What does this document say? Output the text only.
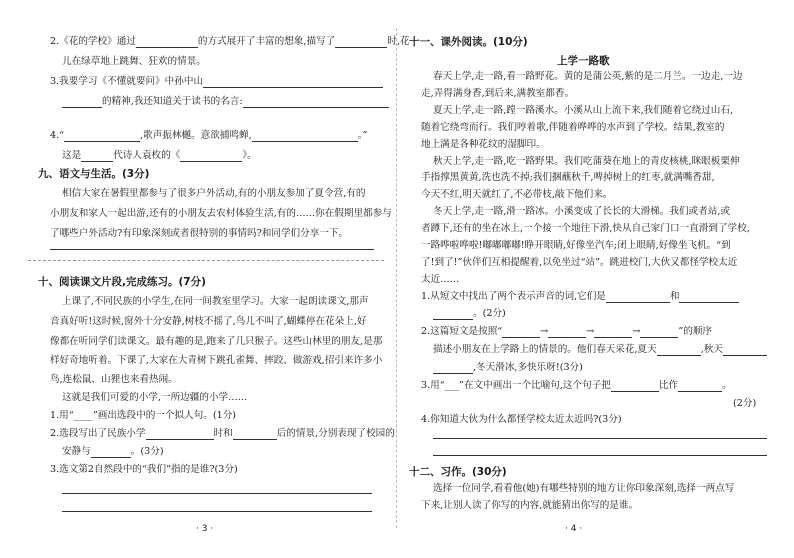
2.《花的学校》通过	的方式展开了丰富的想象,描写了	时,花
儿在绿草地上跳舞、狂欢的情景。
3.我要学习《不懂就要问》中孙中山
的精神,我还知道关于读书的名言:
4.“	,歌声振林樾。意欲捕鸣蝉,	。”
这是	代诗人袁枚的《	》。
九、语文与生活。(3分)
相信大家在暑假里都参与了很多户外活动,有的小朋友参加了夏令营,有的
小朋友和家人一起出游,还有的小朋友去农村体验生活,有的……你在假期里都参与
了哪些户外活动?有印象深刻或者很特别的事情吗?和同学们分享一下。
十、阅读课文片段,完成练习。(7分)
上课了,不同民族的小学生,在同一间教室里学习。大家一起朗读课文,那声
音真好听!这时候,窗外十分安静,树枝不摇了,鸟儿不叫了,蝴蝶停在花朵上,好
像都在听同学们读课文。最有趣的是,跑来了几只猴子。这些山林里的朋友,是那
样好奇地听着。下课了,大家在大青树下跳孔雀舞、摔跤、做游戏,招引来许多小
鸟,连松鼠、山狸也来看热闹。
这就是我们可爱的小学,一所边疆的小学……
1.用“____”画出选段中的一个拟人句。(1分)
2.选段写出了民族小学	时和	后的情景,分别表现了校园的
安静与	。(3分)
3.选文第2自然段中的“我们”指的是谁?(3分)
· 3 ·
十一、课外阅读。(10分)
上学一路歌
春天上学,走一路,看一路野花。黄的是蒲公英,紫的是二月兰。一边走,一边
走,弄得满身香,到后来,满教室都香。
夏天上学,走一路,蹚一路溪水。小溪从山上流下来,我们随着它绕过山石,
随着它绕弯而行。我们哼着歌,伴随着哗哗的水声到了学校。结果,教室的
地上满是各种花纹的湿脚印。
秋天上学,走一路,吃一路野果。我们吃蒲葵在地上的青皮核桃,眯眼板栗伸
手指撑黑黄黄,洗也洗不掉;我们捆蘸秋千,啤掉树上的红枣,就满嘴香甜,
今天不红,明天就红了,不必带枝,敲下他们来。
冬天上学,走一路,滑一路冰。小溪变成了长长的大滑梯。我们或者站,或
者蹲下,还有的坐在冰上,一个接一个地往下滑,快从自己家门口一直滑到了学校,
一路哗啦哗啦!嘟嘟嘟嘟!睁开眼睛,好像坐汽车;闭上眼睛,好像坐飞机。“到
了!到了!”伙伴们互相提醒着,以免坐过“站”。跳进校门,大伙又都怪学校太近
太近……
1.从短文中找出了两个表示声音的词,它们是	和
。(2分)
2.这篇短文是按照“	→	→	→	”的顺序
描述小朋友在上学路上的情景的。他们春天采花,夏天	,秋天
,冬天滑冰,多快乐呀!(3分)
3.用“___”在文中画出一个比喻句,这个句子把	比作	。
(2分)
4.你知道大伙为什么都怪学校太近太近吗?(3分)
十二、习作。(30分)
选择一位同学,看看他(她)有哪些特别的地方让你印象深刻,选择一两点写
下来,让别人读了你写的内容,就能猜出你写的是谁。
· 4 ·
